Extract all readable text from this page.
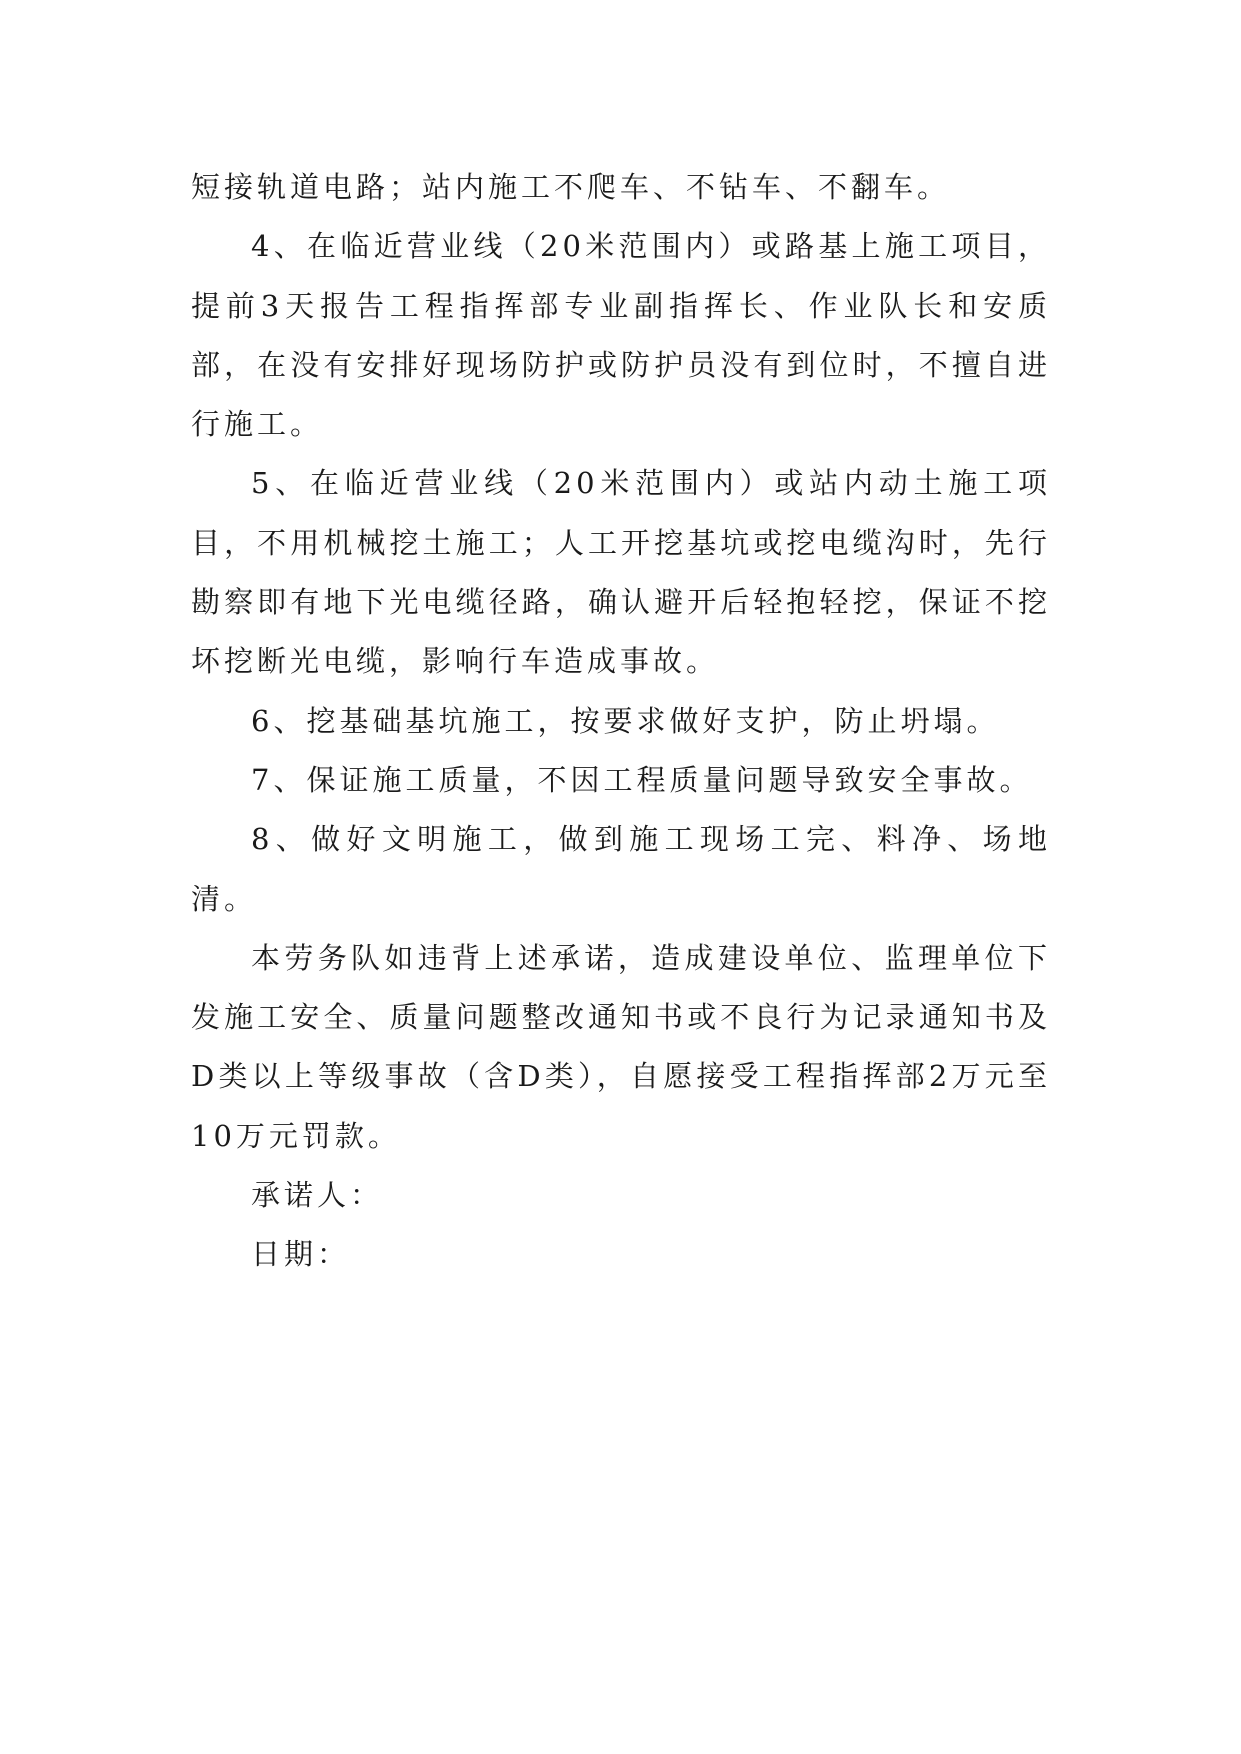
短接轨道电路；站内施工不爬车、不钻车、不翻车。

4、在临近营业线（20米范围内）或路基上施工项目，提前3天报告工程指挥部专业副指挥长、作业队长和安质部，在没有安排好现场防护或防护员没有到位时，不擅自进行施工。

5、在临近营业线（20米范围内）或站内动土施工项目，不用机械挖土施工；人工开挖基坑或挖电缆沟时，先行勘察即有地下光电缆径路，确认避开后轻抱轻挖，保证不挖坏挖断光电缆，影响行车造成事故。

6、挖基础基坑施工，按要求做好支护，防止坍塌。

7、保证施工质量，不因工程质量问题导致安全事故。

8、做好文明施工，做到施工现场工完、料净、场地清。

本劳务队如违背上述承诺，造成建设单位、监理单位下发施工安全、质量问题整改通知书或不良行为记录通知书及D类以上等级事故（含D类），自愿接受工程指挥部2万元至10万元罚款。

承诺人：

日期：
